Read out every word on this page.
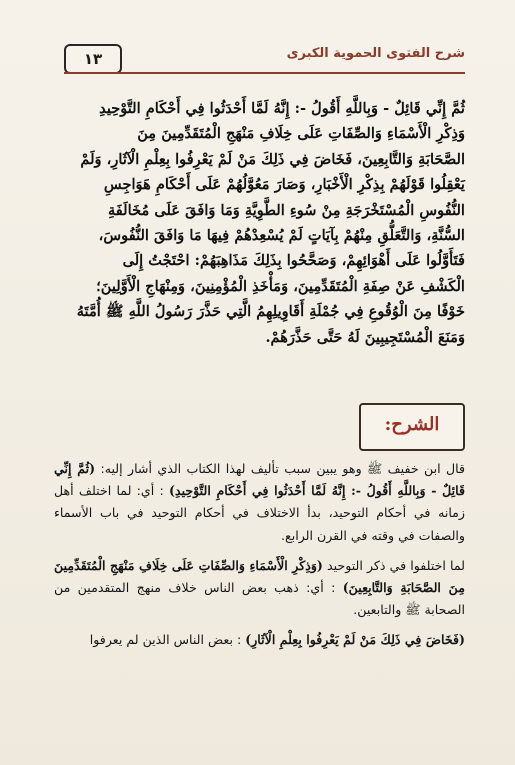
شرح الفتوى الحموية الكبرى
١٣

ثُمَّ إِنِّي قَائِلٌ - وَبِاللَّهِ أَقُولُ -: إِنَّهُ لَمَّا أَحْدَثُوا فِي أَحْكَامِ التَّوْحِيدِ

وَذِكْرِ الْأَسْمَاءِ وَالصِّفَاتِ عَلَى خِلَافِ مَنْهَجِ الْمُتَقَدِّمِينَ مِنَ

الصَّحَابَةِ وَالتَّابِعِينَ، فَخَاضَ فِي ذَلِكَ مَنْ لَمْ يَعْرِفُوا بِعِلْمِ الْآثَارِ، وَلَمْ

يَعْقِلُوا قَوْلَهُمْ بِذِكْرِ الْأَخْبَارِ، وَصَارَ مَعُوَّلُهُمْ عَلَى أَحْكَامِ هَوَاجِسِ

النُّفُوسِ الْمُسْتَخْرَجَةِ مِنْ سُوءِ الطَّوِيَّةِ وَمَا وَافَقَ عَلَى مُخَالَفَةِ

السُّنَّةِ، وَالتَّعَلُّقِ مِنْهُمْ بِآيَاتٍ لَمْ يُسْعِدْهُمْ فِيهَا مَا وَافَقَ النُّفُوسَ،

فَتَأَوَّلُوا عَلَى أَهْوَائِهِمْ، وَصَحَّحُوا بِذَلِكَ مَذَاهِبَهُمْ: احْتَجْتُ إِلَى

الْكَشْفِ عَنْ صِفَةِ الْمُتَقَدِّمِينَ، وَمَأْخَذِ الْمُؤْمِنِينَ، وَمِنْهَاجِ الْأَوَّلِينَ؛

خَوْفًا مِنَ الْوُقُوعِ فِي جُمْلَةِ أَقَاوِيلِهِمُ الَّتِي حَذَّرَ رَسُولُ اللَّهِ ﷺ أُمَّتَهُ

وَمَنَعَ الْمُسْتَجِيبِينَ لَهُ حَتَّى حَذَّرَهُمْ.

الشرح:

قال ابن خفيف ﷺ وهو يبين سبب تأليف لهذا الكتاب الذي أشار إليه: (ثُمَّ إِنِّي قَائِلٌ - وَبِاللَّهِ أَقُولُ -: إِنَّهُ لَمَّا أَحْدَثُوا فِي أَحْكَامِ التَّوْحِيدِ) : أي: لما اختلف أهل زمانه في أحكام التوحيد، بدأ الاختلاف في أحكام التوحيد في باب الأسماء والصفات في وقته في القرن الرابع.

لما اختلفوا في ذكر التوحيد (وَذِكْرِ الْأَسْمَاءِ وَالصِّفَاتِ عَلَى خِلَافِ مَنْهَجِ الْمُتَقَدِّمِينَ مِنَ الصَّحَابَةِ وَالتَّابِعِينَ) : أي: ذهب بعض الناس خلاف منهج المتقدمين من الصحابة ﷺ والتابعين.

(فَخَاضَ فِي ذَلِكَ مَنْ لَمْ يَعْرِفُوا بِعِلْمِ الْآثَارِ) : بعض الناس الذين لم يعرفوا
